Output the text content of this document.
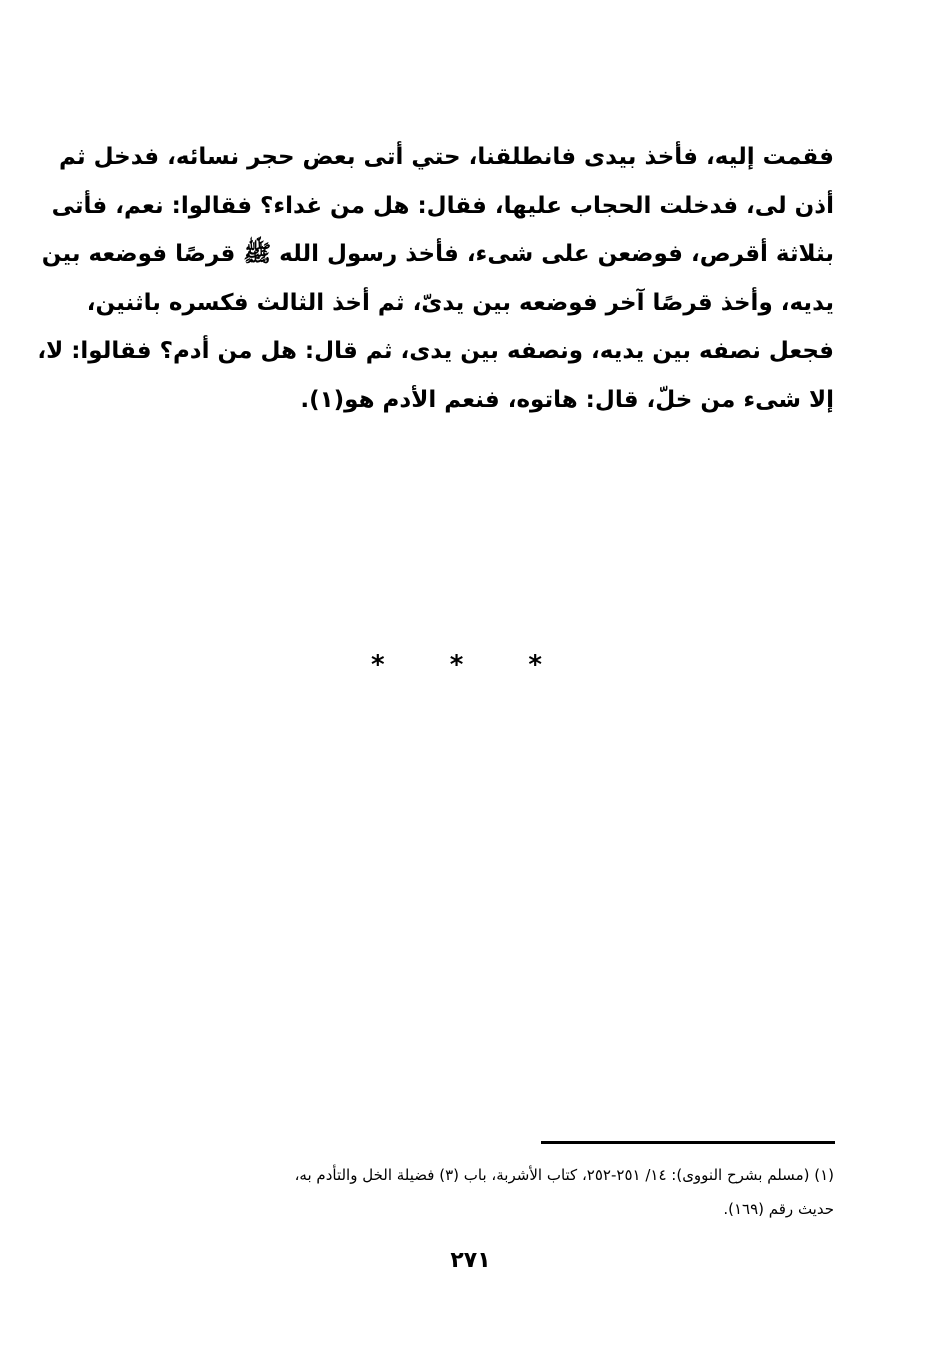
فقمت إليه، فأخذ بيدى فانطلقنا، حتي أتى بعض حجر نسائه، فدخل ثم
أذن لى، فدخلت الحجاب عليها، فقال: هل من غداء؟ فقالوا: نعم، فأتى
بثلاثة أقرص، فوضعن على شىء، فأخذ رسول الله ﷺ قرصًا فوضعه بين
يديه، وأخذ قرصًا آخر فوضعه بين يدىّ، ثم أخذ الثالث فكسره باثنين،
فجعل نصفه بين يديه، ونصفه بين يدى، ثم قال: هل من أدم؟ فقالوا: لا،
إلا شىء من خلّ، قال: هاتوه، فنعم الأدم هو(١).
* * *
(١) (مسلم بشرح النووى): ١٤/ ٢٥١-٢٥٢، كتاب الأشربة، باب (٣) فضيلة الخل والتأدم به،
حديث رقم (١٦٩).
٢٧١
